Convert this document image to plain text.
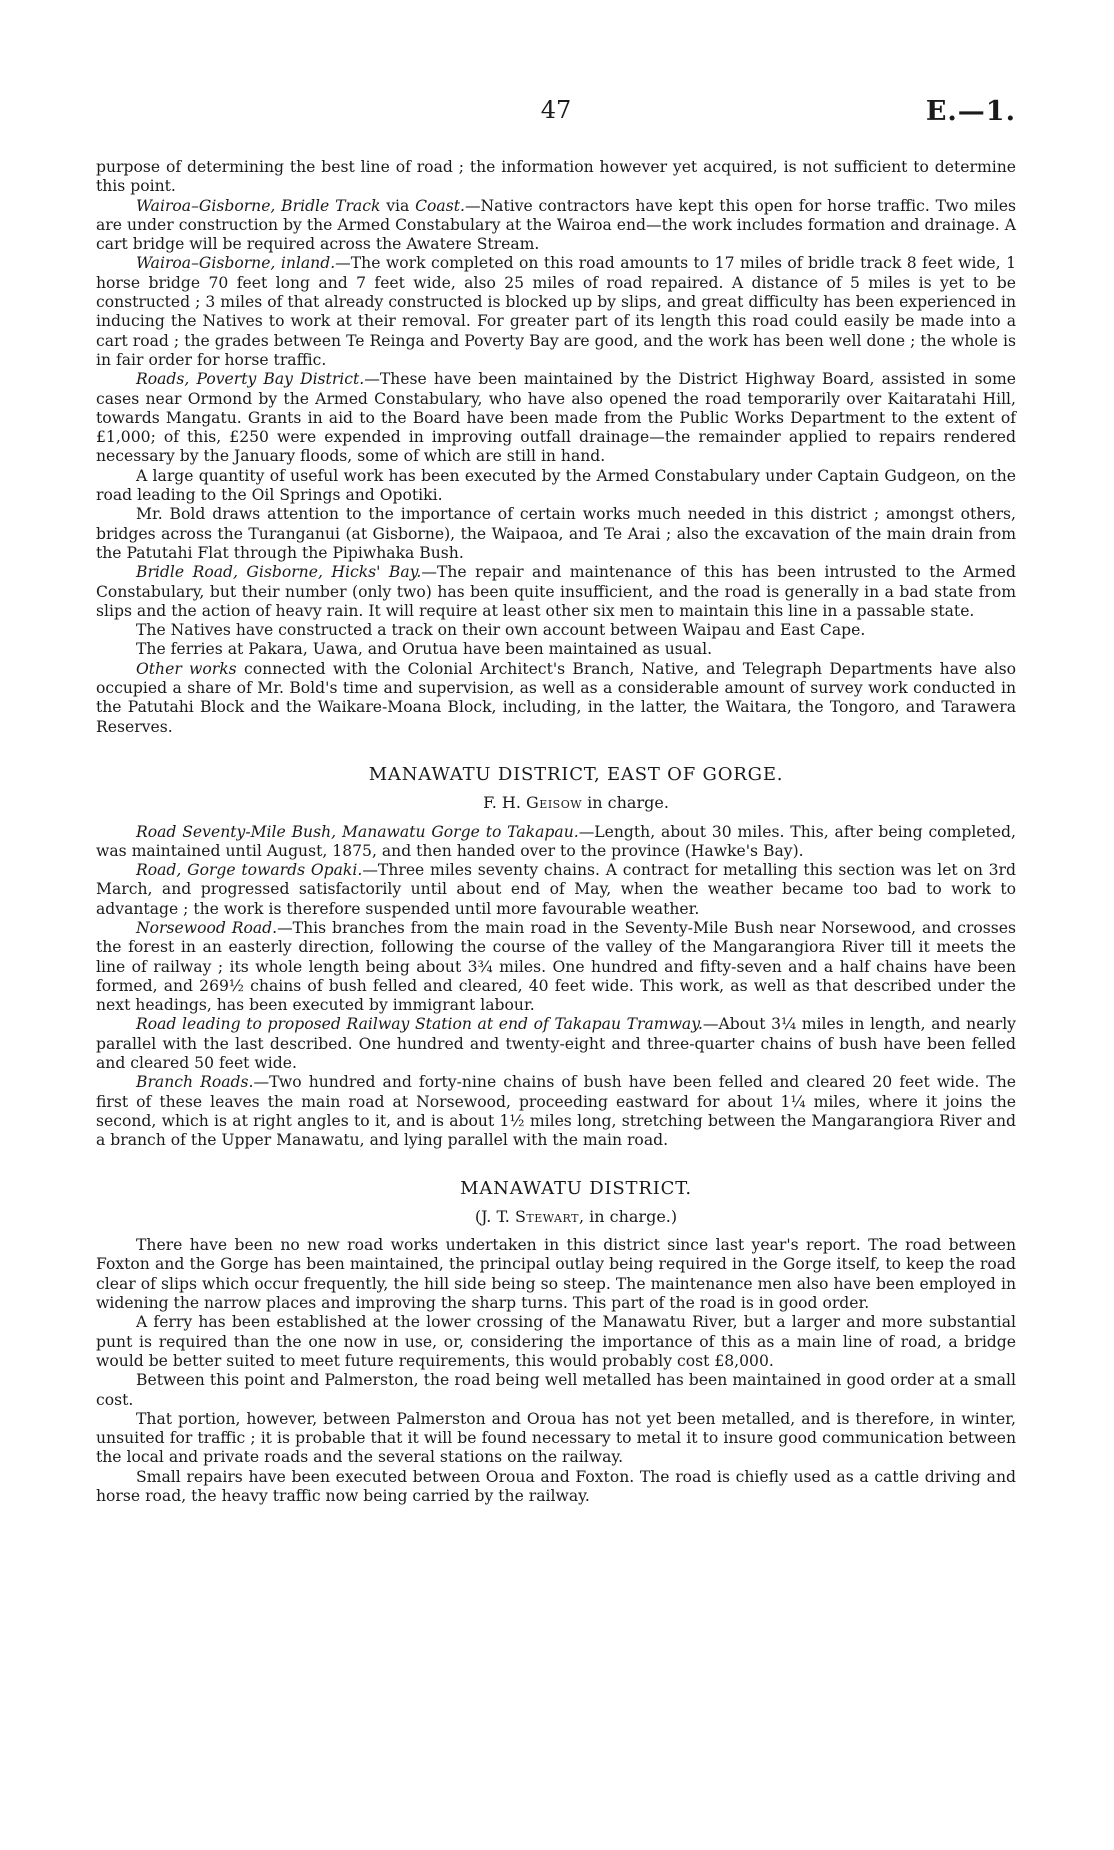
47	E.—1.

purpose of determining the best line of road ; the information however yet acquired, is not sufficient to determine this point.

Wairoa–Gisborne, Bridle Track via Coast.—Native contractors have kept this open for horse traffic. Two miles are under construction by the Armed Constabulary at the Wairoa end—the work includes formation and drainage. A cart bridge will be required across the Awatere Stream.

Wairoa–Gisborne, inland.—The work completed on this road amounts to 17 miles of bridle track 8 feet wide, 1 horse bridge 70 feet long and 7 feet wide, also 25 miles of road repaired. A distance of 5 miles is yet to be constructed ; 3 miles of that already constructed is blocked up by slips, and great difficulty has been experienced in inducing the Natives to work at their removal. For greater part of its length this road could easily be made into a cart road ; the grades between Te Reinga and Poverty Bay are good, and the work has been well done ; the whole is in fair order for horse traffic.

Roads, Poverty Bay District.—These have been maintained by the District Highway Board, assisted in some cases near Ormond by the Armed Constabulary, who have also opened the road temporarily over Kaitaratahi Hill, towards Mangatu. Grants in aid to the Board have been made from the Public Works Department to the extent of £1,000; of this, £250 were expended in improving outfall drainage—the remainder applied to repairs rendered necessary by the January floods, some of which are still in hand.

A large quantity of useful work has been executed by the Armed Constabulary under Captain Gudgeon, on the road leading to the Oil Springs and Opotiki.

Mr. Bold draws attention to the importance of certain works much needed in this district ; amongst others, bridges across the Turanganui (at Gisborne), the Waipaoa, and Te Arai ; also the excavation of the main drain from the Patutahi Flat through the Pipiwhaka Bush.

Bridle Road, Gisborne, Hicks' Bay.—The repair and maintenance of this has been intrusted to the Armed Constabulary, but their number (only two) has been quite insufficient, and the road is generally in a bad state from slips and the action of heavy rain. It will require at least other six men to maintain this line in a passable state.

The Natives have constructed a track on their own account between Waipau and East Cape.

The ferries at Pakara, Uawa, and Orutua have been maintained as usual.

Other works connected with the Colonial Architect's Branch, Native, and Telegraph Departments have also occupied a share of Mr. Bold's time and supervision, as well as a considerable amount of survey work conducted in the Patutahi Block and the Waikare-Moana Block, including, in the latter, the Waitara, the Tongoro, and Tarawera Reserves.

MANAWATU DISTRICT, EAST OF GORGE.

F. H. Geisow in charge.

Road Seventy-Mile Bush, Manawatu Gorge to Takapau.—Length, about 30 miles. This, after being completed, was maintained until August, 1875, and then handed over to the province (Hawke's Bay).

Road, Gorge towards Opaki.—Three miles seventy chains. A contract for metalling this section was let on 3rd March, and progressed satisfactorily until about end of May, when the weather became too bad to work to advantage ; the work is therefore suspended until more favourable weather.

Norsewood Road.—This branches from the main road in the Seventy-Mile Bush near Norsewood, and crosses the forest in an easterly direction, following the course of the valley of the Mangarangiora River till it meets the line of railway ; its whole length being about 3¾ miles. One hundred and fifty-seven and a half chains have been formed, and 269½ chains of bush felled and cleared, 40 feet wide. This work, as well as that described under the next headings, has been executed by immigrant labour.

Road leading to proposed Railway Station at end of Takapau Tramway.—About 3¼ miles in length, and nearly parallel with the last described. One hundred and twenty-eight and three-quarter chains of bush have been felled and cleared 50 feet wide.

Branch Roads.—Two hundred and forty-nine chains of bush have been felled and cleared 20 feet wide. The first of these leaves the main road at Norsewood, proceeding eastward for about 1¼ miles, where it joins the second, which is at right angles to it, and is about 1½ miles long, stretching between the Mangarangiora River and a branch of the Upper Manawatu, and lying parallel with the main road.

MANAWATU DISTRICT.

(J. T. Stewart, in charge.)

There have been no new road works undertaken in this district since last year's report. The road between Foxton and the Gorge has been maintained, the principal outlay being required in the Gorge itself, to keep the road clear of slips which occur frequently, the hill side being so steep. The maintenance men also have been employed in widening the narrow places and improving the sharp turns. This part of the road is in good order.

A ferry has been established at the lower crossing of the Manawatu River, but a larger and more substantial punt is required than the one now in use, or, considering the importance of this as a main line of road, a bridge would be better suited to meet future requirements, this would probably cost £8,000.

Between this point and Palmerston, the road being well metalled has been maintained in good order at a small cost.

That portion, however, between Palmerston and Oroua has not yet been metalled, and is therefore, in winter, unsuited for traffic ; it is probable that it will be found necessary to metal it to insure good communication between the local and private roads and the several stations on the railway.

Small repairs have been executed between Oroua and Foxton. The road is chiefly used as a cattle driving and horse road, the heavy traffic now being carried by the railway.
